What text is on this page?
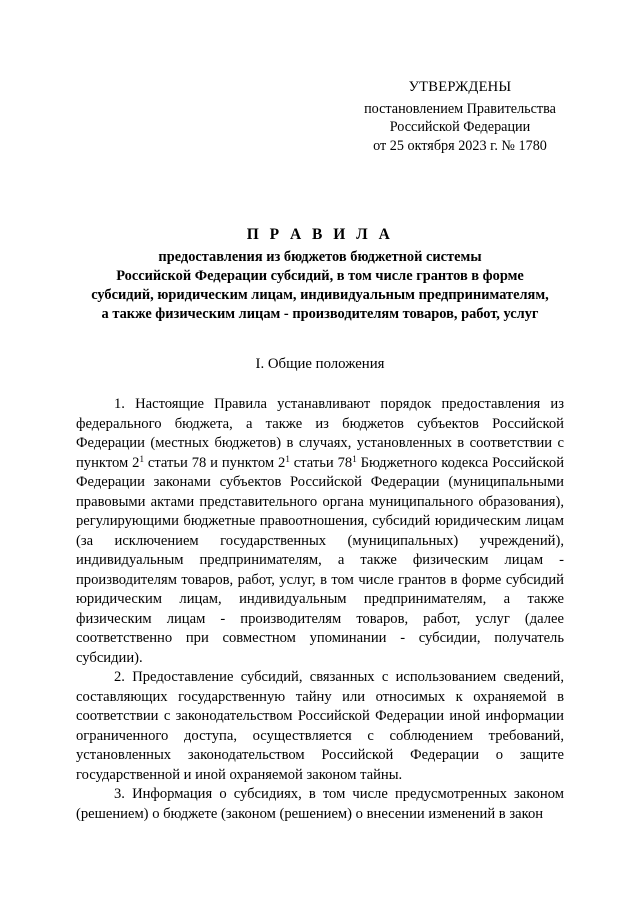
УТВЕРЖДЕНЫ
постановлением Правительства
Российской Федерации
от 25 октября 2023 г. № 1780
П Р А В И Л А
предоставления из бюджетов бюджетной системы
Российской Федерации субсидий, в том числе грантов в форме
субсидий, юридическим лицам, индивидуальным предпринимателям,
а также физическим лицам - производителям товаров, работ, услуг
I. Общие положения

1. Настоящие Правила устанавливают порядок предоставления из федерального бюджета, а также из бюджетов субъектов Российской Федерации (местных бюджетов) в случаях, установленных в соответствии с пунктом $2^1$ статьи 78 и пунктом $2^1$ статьи $78^1$ Бюджетного кодекса Российской Федерации законами субъектов Российской Федерации (муниципальными правовыми актами представительного органа муниципального образования), регулирующими бюджетные правоотношения, субсидий юридическим лицам (за исключением государственных (муниципальных) учреждений), индивидуальным предпринимателям, а также физическим лицам - производителям товаров, работ, услуг, в том числе грантов в форме субсидий юридическим лицам, индивидуальным предпринимателям, а также физическим лицам - производителям товаров, работ, услуг (далее соответственно при совместном упоминании - субсидии, получатель субсидии).

2. Предоставление субсидий, связанных с использованием сведений, составляющих государственную тайну или относимых к охраняемой в соответствии с законодательством Российской Федерации иной информации ограниченного доступа, осуществляется с соблюдением требований, установленных законодательством Российской Федерации о защите государственной и иной охраняемой законом тайны.

3. Информация о субсидиях, в том числе предусмотренных законом (решением) о бюджете (законом (решением) о внесении изменений в закон
